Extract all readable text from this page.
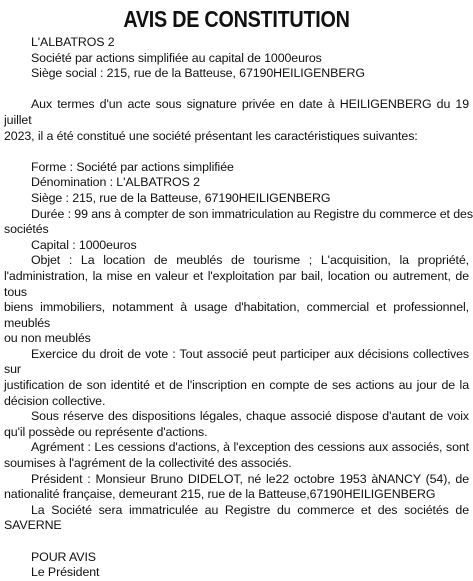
AVIS DE CONSTITUTION
L'ALBATROS 2
Société par actions simplifiée au capital de 1000euros
Siège social : 215, rue de la Batteuse, 67190HEILIGENBERG
Aux termes d'un acte sous signature privée en date à HEILIGENBERG du 19 juillet
2023, il a été constitué une société présentant les caractéristiques suivantes:
Forme : Société par actions simplifiée
Dénomination : L'ALBATROS 2
Siège : 215, rue de la Batteuse, 67190HEILIGENBERG
Durée : 99 ans à compter de son immatriculation au Registre du commerce et des
sociétés
Capital : 1000euros
Objet : La location de meublés de tourisme ; L'acquisition, la propriété,
l'administration, la mise en valeur et l'exploitation par bail, location ou autrement, de tous
biens immobiliers, notamment à usage d'habitation, commercial et professionnel, meublés
ou non meublés
Exercice du droit de vote : Tout associé peut participer aux décisions collectives sur
justification de son identité et de l'inscription en compte de ses actions au jour de la
décision collective.
Sous réserve des dispositions légales, chaque associé dispose d'autant de voix
qu'il possède ou représente d'actions.
Agrément : Les cessions d'actions, à l'exception des cessions aux associés, sont
soumises à l'agrément de la collectivité des associés.
Président : Monsieur Bruno DIDELOT, né le22 octobre 1953 àNANCY (54), de
nationalité française, demeurant 215, rue de la Batteuse,67190HEILIGENBERG
La Société sera immatriculée au Registre du commerce et des sociétés de
SAVERNE
POUR AVIS
Le Président
